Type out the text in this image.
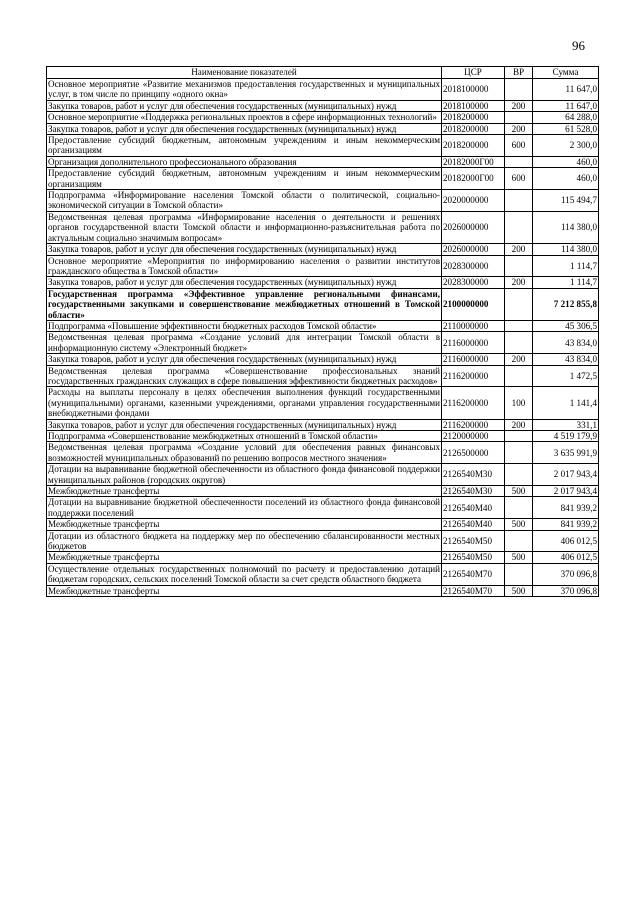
96
Наименование показателей	ЦСР	ВР	Сумма
Основное мероприятие «Развитие механизмов предоставления государственных и муниципальных услуг, в том числе по принципу «одного окна»	2018100000		11 647,0
Закупка товаров, работ и услуг для обеспечения государственных (муниципальных) нужд	2018100000	200	11 647,0
Основное мероприятие «Поддержка региональных проектов в сфере информационных технологий»	2018200000		64 288,0
Закупка товаров, работ и услуг для обеспечения государственных (муниципальных) нужд	2018200000	200	61 528,0
Предоставление субсидий бюджетным, автономным учреждениям и иным некоммерческим организациям	2018200000	600	2 300,0
Организация дополнительного профессионального образования	20182000Г00		460,0
Предоставление субсидий бюджетным, автономным учреждениям и иным некоммерческим организациям	20182000Г00	600	460,0
Подпрограмма «Информирование населения Томской области о политической, социально-экономической ситуации в Томской области»	2020000000		115 494,7
Ведомственная целевая программа «Информирование населения о деятельности и решениях органов государственной власти Томской области и информационно-разъяснительная работа по актуальным социально значимым вопросам»	2026000000		114 380,0
Закупка товаров, работ и услуг для обеспечения государственных (муниципальных) нужд	2026000000	200	114 380,0
Основное мероприятие «Мероприятия по информированию населения о развитии институтов гражданского общества в Томской области»	2028300000		1 114,7
Закупка товаров, работ и услуг для обеспечения государственных (муниципальных) нужд	2028300000	200	1 114,7
Государственная программа «Эффективное управление региональными финансами, государственными закупками и совершенствование межбюджетных отношений в Томской области»	2100000000		7 212 855,8
Подпрограмма «Повышение эффективности бюджетных расходов Томской области»	2110000000		45 306,5
Ведомственная целевая программа «Создание условий для интеграции Томской области в информационную систему «Электронный бюджет»	2116000000		43 834,0
Закупка товаров, работ и услуг для обеспечения государственных (муниципальных) нужд	2116000000	200	43 834,0
Ведомственная целевая программа «Совершенствование профессиональных знаний государственных гражданских служащих в сфере повышения эффективности бюджетных расходов»	2116200000		1 472,5
Расходы на выплаты персоналу в целях обеспечения выполнения функций государственными (муниципальными) органами, казенными учреждениями, органами управления государственными внебюджетными фондами	2116200000	100	1 141,4
Закупка товаров, работ и услуг для обеспечения государственных (муниципальных) нужд	2116200000	200	331,1
Подпрограмма «Совершенствование межбюджетных отношений в Томской области»	2120000000		4 519 179,9
Ведомственная целевая программа «Создание условий для обеспечения равных финансовых возможностей муниципальных образований по решению вопросов местного значения»	2126500000		3 635 991,9
Дотации на выравнивание бюджетной обеспеченности из областного фонда финансовой поддержки муниципальных районов (городских округов)	2126540М30		2 017 943,4
Межбюджетные трансферты	2126540М30	500	2 017 943,4
Дотации на выравнивание бюджетной обеспеченности поселений из областного фонда финансовой поддержки поселений	2126540М40		841 939,2
Межбюджетные трансферты	2126540М40	500	841 939,2
Дотации из областного бюджета на поддержку мер по обеспечению сбалансированности местных бюджетов	2126540М50		406 012,5
Межбюджетные трансферты	2126540М50	500	406 012,5
Осуществление отдельных государственных полномочий по расчету и предоставлению дотаций бюджетам городских, сельских поселений Томской области за счет средств областного бюджета	2126540М70		370 096,8
Межбюджетные трансферты	2126540М70	500	370 096,8
